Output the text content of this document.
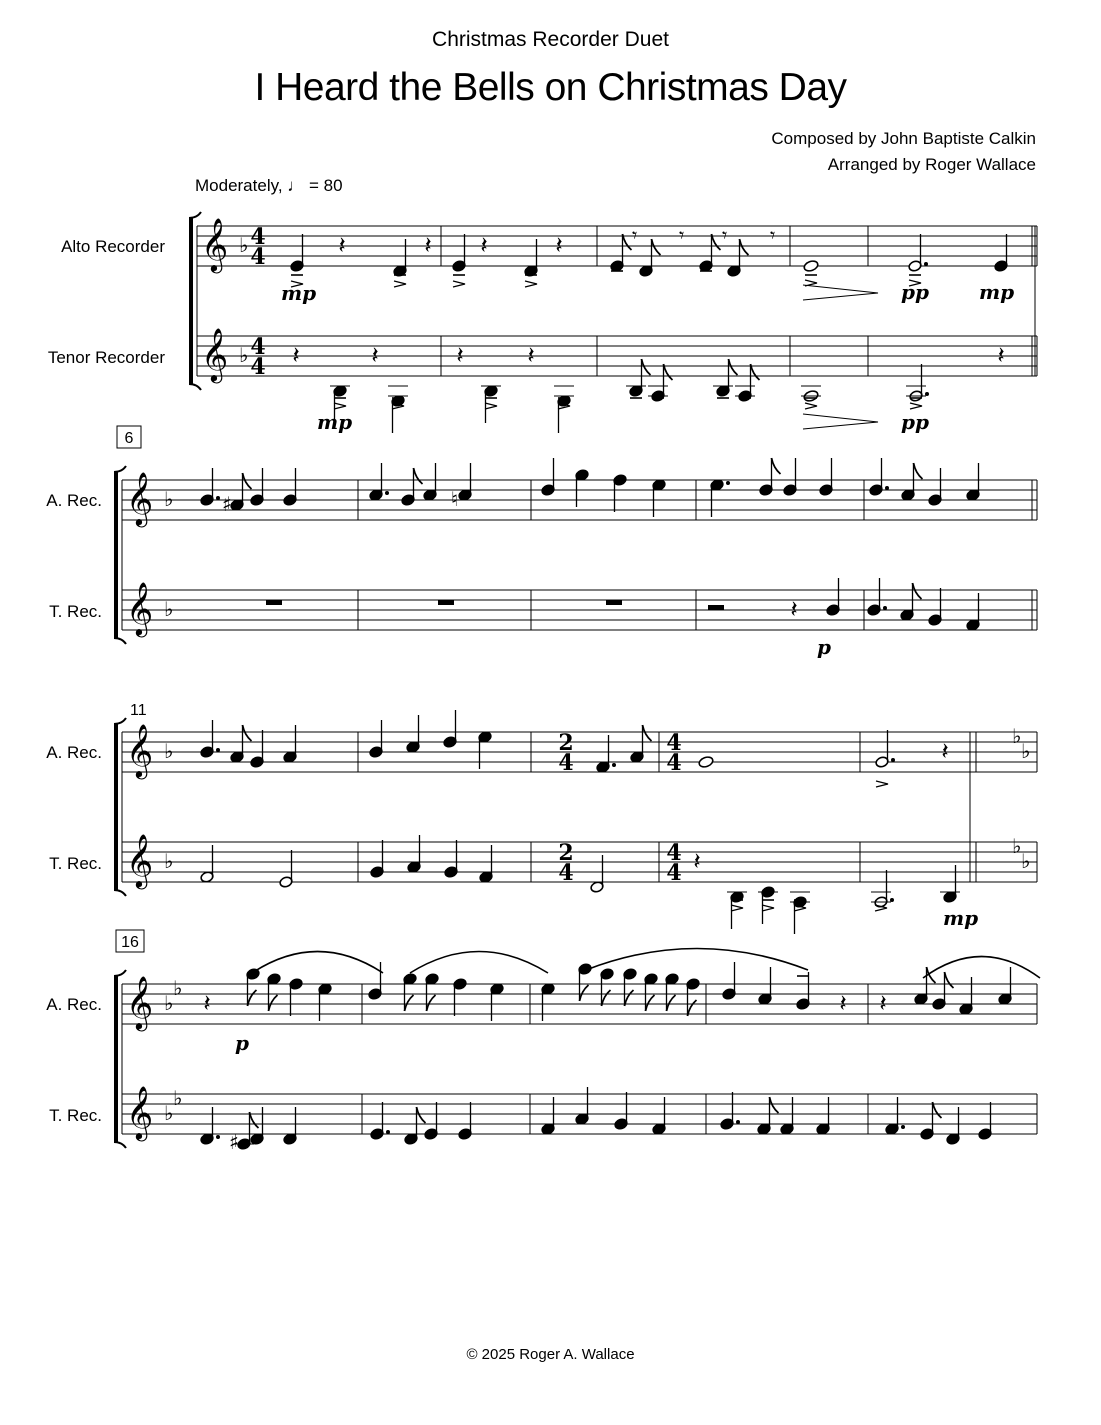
Christmas Recorder Duet
I Heard the Bells on Christmas Day
Composed by John Baptiste Calkin
Arranged by Roger Wallace
Moderately, ♩ = 80
Alto Recorder
Tenor Recorder
A. Rec.
T. Rec.
A. Rec.
T. Rec.
A. Rec.
T. Rec.
6
11
16
mp	pp	mp
mp	pp
p
mp
p
𝄞 ♭
𝄞 ♭
4
4
4
4
𝄞 ♭
𝄞 ♭
𝄞 ♭
𝄞 ♭
2
4
2
4
4
4
4
4
𝄞 ♭
♭
𝄞 ♭
♭
♭
♭
♭
♭
𝄽	𝄽 𝄽	𝄽	𝄾 𝄾 𝄾 𝄾
𝄽	𝄽	𝄽	𝄽	𝄽
♯	♮
𝄽
𝄽
𝄽
𝄽	𝄽 𝄽
♯
© 2025 Roger A. Wallace
